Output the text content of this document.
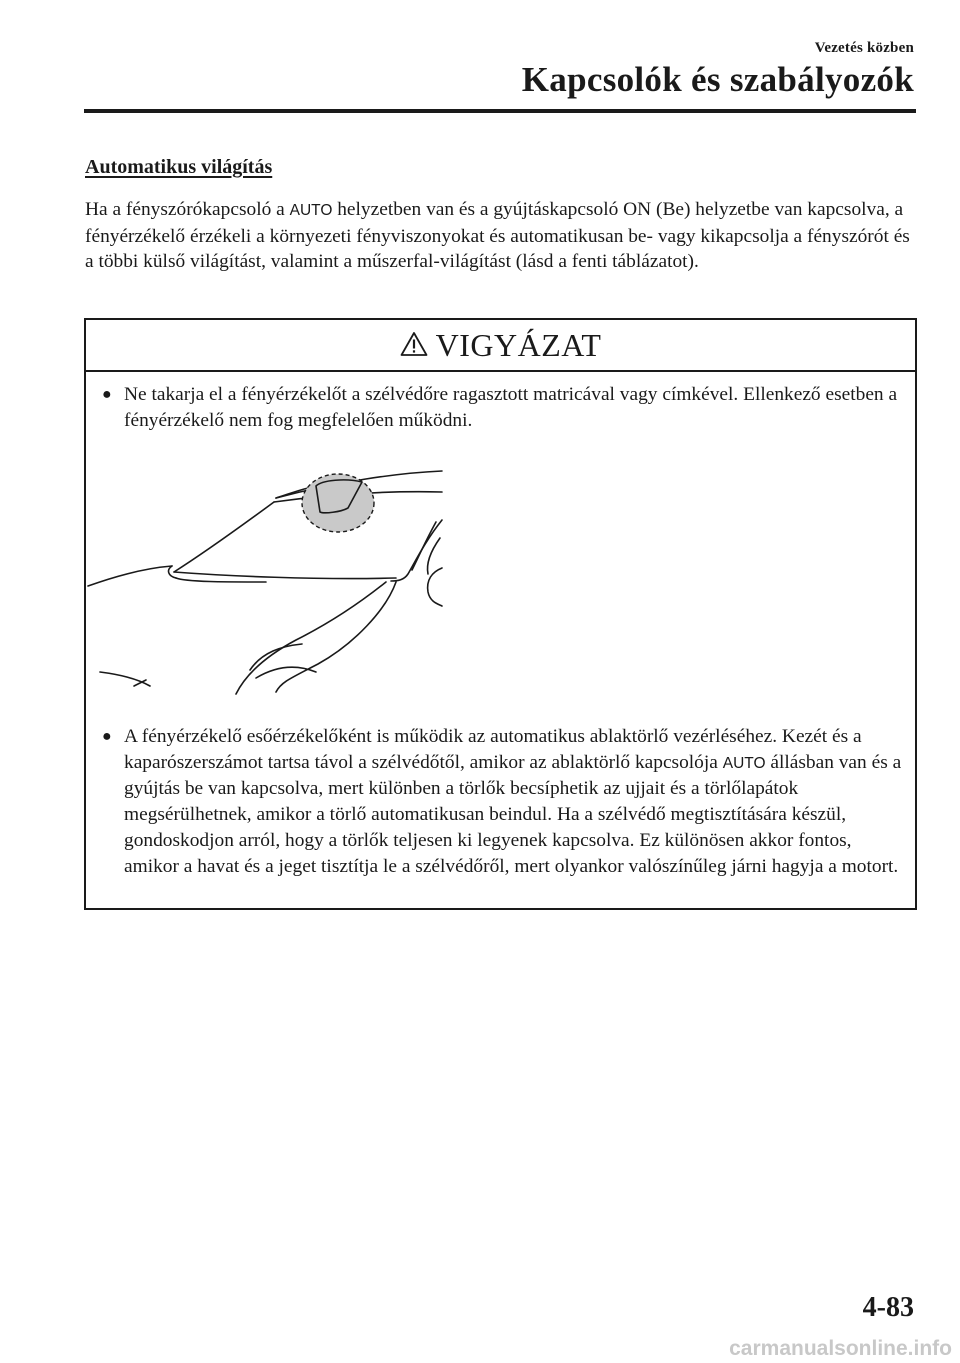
Vezetés közben
Kapcsolók és szabályozók
Automatikus világítás
Ha a fényszórókapcsoló a AUTO helyzetben van és a gyújtáskapcsoló ON (Be) helyzetbe van kapcsolva, a fényérzékelő érzékeli a környezeti fényviszonyokat és automatikusan be- vagy kikapcsolja a fényszórót és a többi külső világítást, valamint a műszerfal-világítást (lásd a fenti táblázatot).
VIGYÁZAT
● Ne takarja el a fényérzékelőt a szélvédőre ragasztott matricával vagy címkével. Ellenkező esetben a fényérzékelő nem fog megfelelően működni.
● A fényérzékelő esőérzékelőként is működik az automatikus ablaktörlő vezérléséhez. Kezét és a kaparószerszámot tartsa távol a szélvédőtől, amikor az ablaktörlő kapcsolója AUTO állásban van és a gyújtás be van kapcsolva, mert különben a törlők becsíphetik az ujjait és a törlőlapátok megsérülhetnek, amikor a törlő automatikusan beindul. Ha a szélvédő megtisztítására készül, gondoskodjon arról, hogy a törlők teljesen ki legyenek kapcsolva. Ez különösen akkor fontos, amikor a havat és a jeget tisztítja le a szélvédőről, mert olyankor valószínűleg járni hagyja a motort.
4-83
carmanualsonline.info
